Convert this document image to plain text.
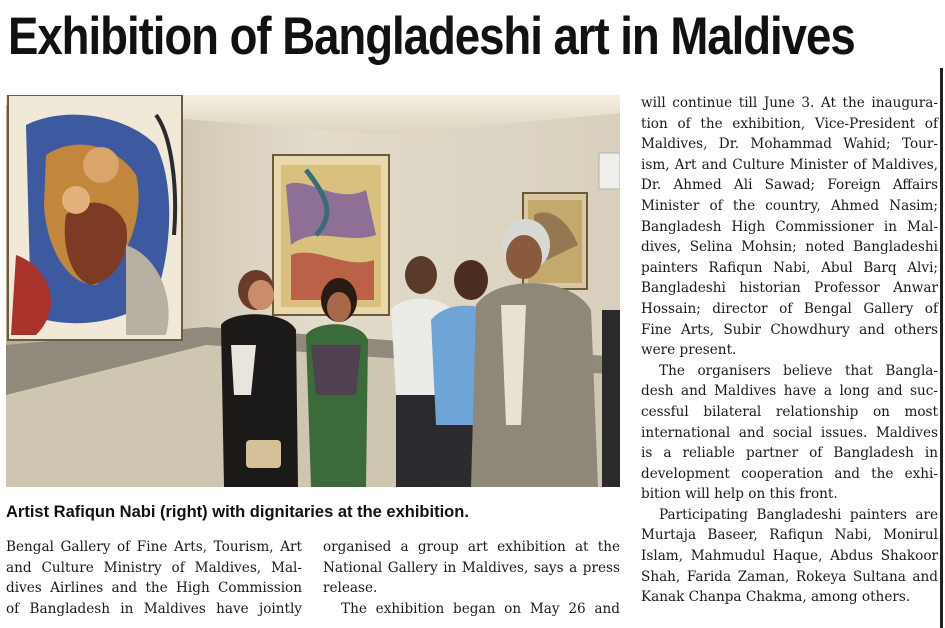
Exhibition of Bangladeshi art in Maldives
Artist Rafiqun Nabi (right) with dignitaries at the exhibition.

Bengal Gallery of Fine Arts, Tourism, Art

and Culture Ministry of Maldives, Mal-

dives Airlines and the High Commission

of Bangladesh in Maldives have jointly

organised a group art exhibition at the

National Gallery in Maldives, says a press

release.

The exhibition began on May 26 and

will continue till June 3. At the inaugura-

tion of the exhibition, Vice-President of

Maldives, Dr. Mohammad Wahid; Tour-

ism, Art and Culture Minister of Maldives,

Dr. Ahmed Ali Sawad; Foreign Affairs

Minister of the country, Ahmed Nasim;

Bangladesh High Commissioner in Mal-

dives, Selina Mohsin; noted Bangladeshi

painters Rafiqun Nabi, Abul Barq Alvi;

Bangladeshi historian Professor Anwar

Hossain; director of Bengal Gallery of

Fine Arts, Subir Chowdhury and others

were present.

The organisers believe that Bangla-

desh and Maldives have a long and suc-

cessful bilateral relationship on most

international and social issues. Maldives

is a reliable partner of Bangladesh in

development cooperation and the exhi-

bition will help on this front.

Participating Bangladeshi painters are

Murtaja Baseer, Rafiqun Nabi, Monirul

Islam, Mahmudul Haque, Abdus Shakoor

Shah, Farida Zaman, Rokeya Sultana and

Kanak Chanpa Chakma, among others.
